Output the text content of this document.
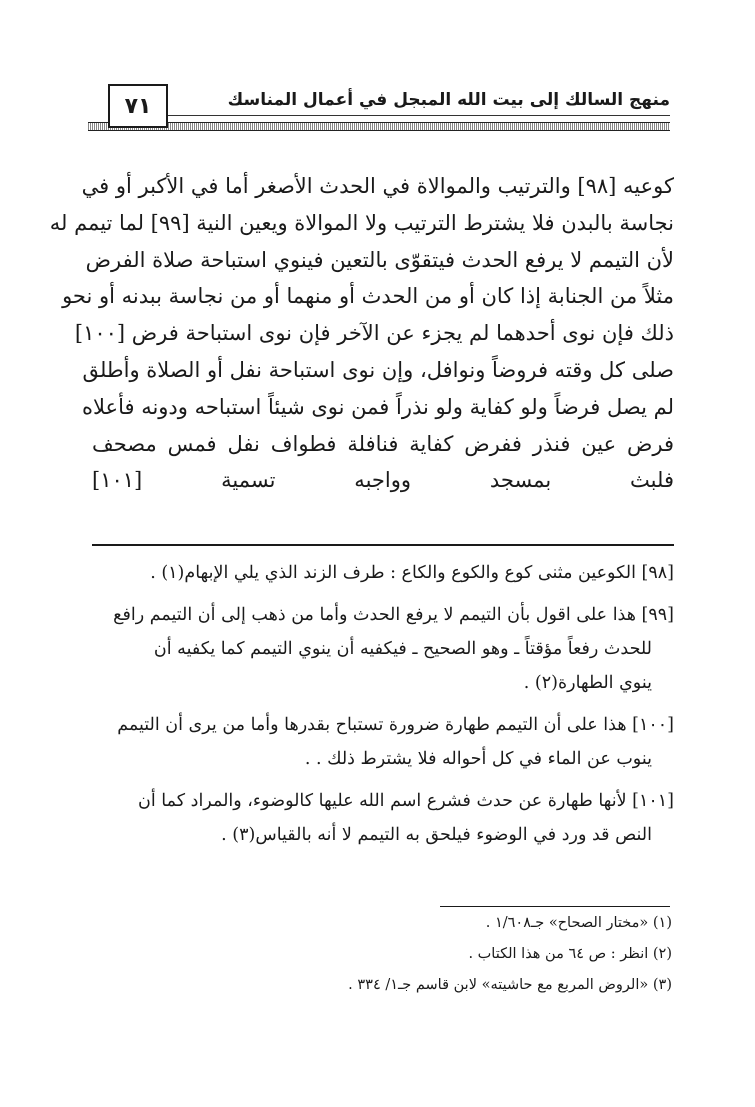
٧١	منهج السالك إلى بيت الله المبجل في أعمال المناسك
كوعيه [٩٨] والترتيب والموالاة في الحدث الأصغر أما في الأكبر أو في
نجاسة بالبدن فلا يشترط الترتيب ولا الموالاة ويعين النية [٩٩] لما تيمم له
لأن التيمم لا يرفع الحدث فيتقوّى بالتعين فينوي استباحة صلاة الفرض
مثلاً من الجنابة إذا كان أو من الحدث أو منهما أو من نجاسة ببدنه أو نحو
ذلك فإن نوى أحدهما لم يجزء عن الآخر فإن نوى استباحة فرض [١٠٠]
صلى كل وقته فروضاً ونوافل، وإن نوى استباحة نفل أو الصلاة وأطلق
لم يصل فرضاً ولو كفاية ولو نذراً فمن نوى شيئاً استباحه ودونه فأعلاه
فرض عين فنذر ففرض كفاية فنافلة فطواف نفل فمس مصحف
فلبث بمسجد وواجبه تسمية [١٠١]
[٩٨] الكوعين مثنى كوع والكوع والكاع : طرف الزند الذي يلي الإبهام(١) .
[٩٩] هذا على اقول بأن التيمم لا يرفع الحدث وأما من ذهب إلى أن التيمم رافع
للحدث رفعاً مؤقتاً ـ وهو الصحيح ـ فيكفيه أن ينوي التيمم كما يكفيه أن
ينوي الطهارة(٢) .
[١٠٠] هذا على أن التيمم طهارة ضرورة تستباح بقدرها وأما من يرى أن التيمم
ينوب عن الماء في كل أحواله فلا يشترط ذلك . .
[١٠١] لأنها طهارة عن حدث فشرع اسم الله عليها كالوضوء، والمراد كما أن
النص قد ورد في الوضوء فيلحق به التيمم لا أنه بالقياس(٣) .
(١) «مختار الصحاح» جـ١/٦٠٨ .
(٢) انظر : ص ٦٤ من هذا الكتاب .
(٣) «الروض المربع مع حاشيته» لابن قاسم جـ١/ ٣٣٤ .
